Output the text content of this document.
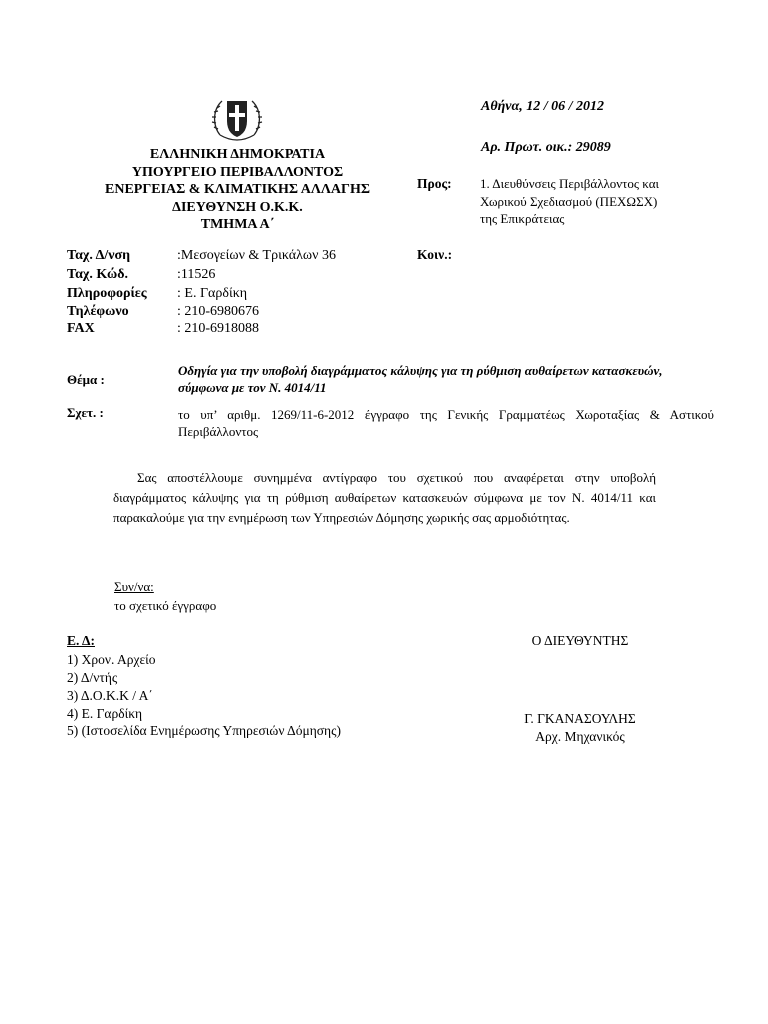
ΕΛΛΗΝΙΚΗ ΔΗΜΟΚΡΑΤΙΑ
ΥΠΟΥΡΓΕΙΟ ΠΕΡΙΒΑΛΛΟΝΤΟΣ
ΕΝΕΡΓΕΙΑΣ & ΚΛΙΜΑΤΙΚΗΣ ΑΛΛΑΓΗΣ
ΔΙΕΥΘΥΝΣΗ Ο.Κ.Κ.
ΤΜΗΜΑ Α΄
Αθήνα, 12 / 06 / 2012
Αρ. Πρωτ. οικ.: 29089
Προς: 1. Διευθύνσεις Περιβάλλοντος και
Χωρικού Σχεδιασμού (ΠΕΧΩΣΧ)
της Επικράτειας
Κοιν.:
Ταχ. Δ/νση	:Μεσογείων & Τρικάλων 36
Ταχ. Κώδ.	:11526
Πληροφορίες : Ε. Γαρδίκη
Τηλέφωνο	: 210-6980676
FAX	: 210-6918088
Θέμα :
Οδηγία για την υποβολή διαγράμματος κάλυψης για τη ρύθμιση αυθαίρετων κατασκευών, σύμφωνα με τον Ν. 4014/11
Σχετ. :	το υπ’ αριθμ. 1269/11-6-2012 έγγραφο της Γενικής Γραμματέως Χωροταξίας & Αστικού Περιβάλλοντος
Σας αποστέλλουμε συνημμένα αντίγραφο του σχετικού που αναφέρεται στην υποβολή διαγράμματος κάλυψης για τη ρύθμιση αυθαίρετων κατασκευών σύμφωνα με τον Ν. 4014/11 και παρακαλούμε για την ενημέρωση των Υπηρεσιών Δόμησης χωρικής σας αρμοδιότητας.
Συν/να:
το σχετικό έγγραφο
Ε. Δ:
1) Χρον. Αρχείο
2) Δ/ντής
3) Δ.Ο.Κ.Κ / Α΄
4) Ε. Γαρδίκη
5) (Ιστοσελίδα Ενημέρωσης Υπηρεσιών Δόμησης)
Ο ΔΙΕΥΘΥΝΤΗΣ
Γ. ΓΚΑΝΑΣΟΥΛΗΣ
Αρχ. Μηχανικός
